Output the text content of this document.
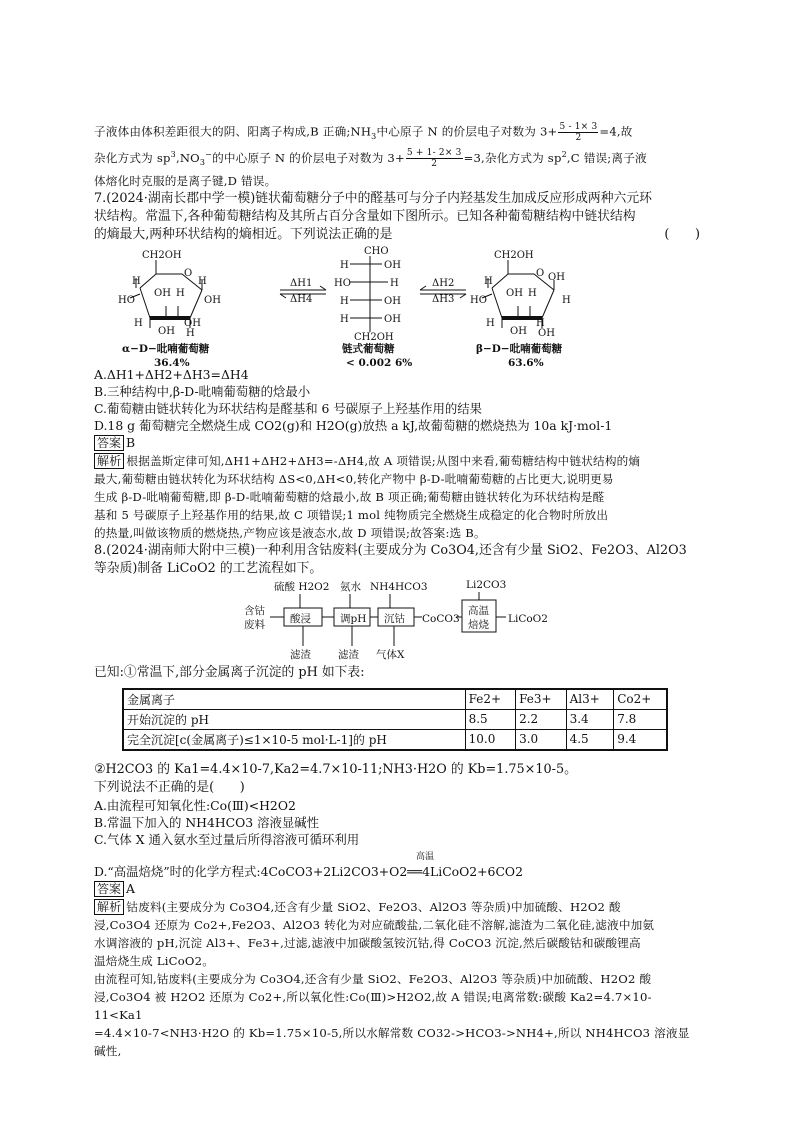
子液体由体积差距很大的阴、阳离子构成,B 正确$;NH_3$中心原子 N 的价层电子对数为 $3+ \frac{5 - 1\times 3}{2} =4$,故

杂化方式为 $sp^3,NO_3^-$的中心原子 N 的价层电子对数为 $3+ \frac{5 + 1- 2\times 3}{2} =3$,杂化方式为 $sp^2,C$ 错误;离子液

体熔化时克服的是离子键,D 错误。

7.(2024·湖南长郡中学一模)链状葡萄糖分子中的醛基可与分子内羟基发生加成反应形成两种六元环

状结构。常温下,各种葡萄糖结构及其所占百分含量如下图所示。已知各种葡萄糖结构中链状结构

的熵最大,两种环状结构的熵相近。下列说法正确的是	(　　)

CH2OH
O
H	H
HO
OH H
OH
H	OH
OH H
CHO
H	OH
HO	H
H	OH
H	OH
CH2OH
CH2OH
O
H	OH
HO
OH H
H
H	H
OH OH
ΔH1
ΔH4
ΔH2
ΔH3
α−D−吡喃葡萄糖
36.4%
链式葡萄糖
< 0.002 6%
β−D−吡喃葡萄糖
63.6%

A.ΔH1+ΔH2+ΔH3=ΔH4

B.三种结构中,β-D-吡喃葡萄糖的焓最小

C.葡萄糖由链状转化为环状结构是醛基和 6 号碳原子上羟基作用的结果

D.18 g 葡萄糖完全燃烧生成 CO2(g)和 H2O(g)放热 a kJ,故葡萄糖的燃烧热为 10a kJ·mol-1

答案 B

解析 根据盖斯定律可知,ΔH1+ΔH2+ΔH3=-ΔH4,故 A 项错误;从图中来看,葡萄糖结构中链状结构的熵

最大,葡萄糖由链状转化为环状结构 ΔS<0,ΔH<0,转化产物中 β-D-吡喃葡萄糖的占比更大,说明更易

生成 β-D-吡喃葡萄糖,即 β-D-吡喃葡萄糖的焓最小,故 B 项正确;葡萄糖由链状转化为环状结构是醛

基和 5 号碳原子上羟基作用的结果,故 C 项错误;1 mol 纯物质完全燃烧生成稳定的化合物时所放出

的热量,叫做该物质的燃烧热,产物应该是液态水,故 D 项错误;故答案:选 B。

8.(2024·湖南师大附中三模)一种利用含钴废料(主要成分为 Co3O4,还含有少量 SiO2、Fe2O3、Al2O3

等杂质)制备 LiCoO2 的工艺流程如下。

硫酸 H2O2 氨水 NH4HCO3	Li2CO3
含钴
废料 酸浸	调pH 沉钴 CoCO3
高温
焙烧 LiCoO2
滤渣	滤渣 气体X

已知:①常温下,部分金属离子沉淀的 pH 如下表:

金属离子	Fe2+	Fe3+	Al3+	Co2+
开始沉淀的 pH	8.5	2.2	3.4	7.8
完全沉淀[c(金属离子)≤1×10-5 mol·L-1]的 pH	10.0	3.0	4.5	9.4

②H2CO3 的 Ka1=4.4×10-7,Ka2=4.7×10-11;NH3·H2O 的 Kb=1.75×10-5。

下列说法不正确的是(　　)

A.由流程可知氧化性:Co(Ⅲ)<H2O2

B.常温下加入的 NH4HCO3 溶液显碱性

C.气体 X 通入氨水至过量后所得溶液可循环利用

高温

D.“高温焙烧”时的化学方程式:4CoCO3+2Li2CO3+O2══4LiCoO2+6CO2

答案 A

解析 钴废料(主要成分为 Co3O4,还含有少量 SiO2、Fe2O3、Al2O3 等杂质)中加硫酸、H2O2 酸

浸,Co3O4 还原为 Co2+,Fe2O3、Al2O3 转化为对应硫酸盐,二氧化硅不溶解,滤渣为二氧化硅,滤液中加氨

水调溶液的 pH,沉淀 Al3+、Fe3+,过滤,滤液中加碳酸氢铵沉钴,得 CoCO3 沉淀,然后碳酸钴和碳酸锂高

温焙烧生成 LiCoO2。

由流程可知,钴废料(主要成分为 Co3O4,还含有少量 SiO2、Fe2O3、Al2O3 等杂质)中加硫酸、H2O2 酸

浸,Co3O4 被 H2O2 还原为 Co2+,所以氧化性:Co(Ⅲ)>H2O2,故 A 错误;电离常数:碳酸 Ka2=4.7×10-11<Ka1

=4.4×10-7<NH3·H2O 的 Kb=1.75×10-5,所以水解常数 CO32->HCO3->NH4+,所以 NH4HCO3 溶液显碱性,
